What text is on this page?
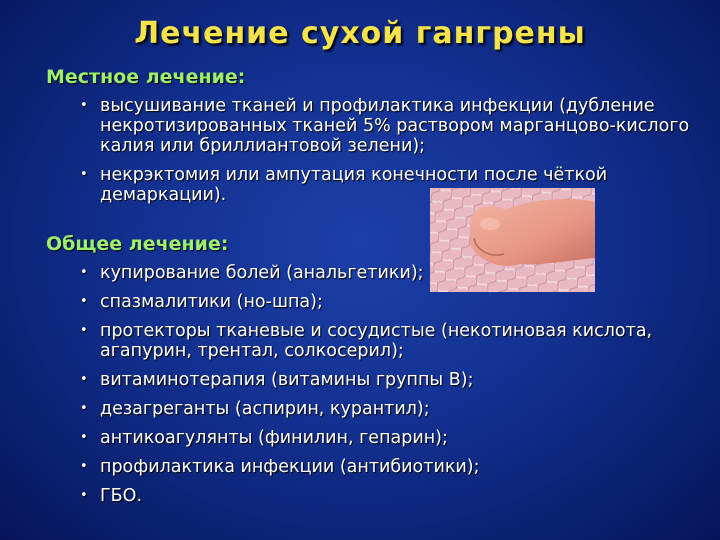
Лечение сухой гангрены
Местное лечение:
• высушивание тканей и профилактика инфекции (дубление некротизированных тканей 5% раствором марганцово-кислого калия или бриллиантовой зелени);
• некрэктомия или ампутация конечности после чёткой демаркации).
Общее лечение:
• купирование болей (анальгетики);
• спазмалитики (но-шпа);
• протекторы тканевые и сосудистые (некотиновая кислота, агапурин, трентал, солкосерил);
• витаминотерапия (витамины группы В);
• дезагреганты (аспирин, курантил);
• антикоагулянты (финилин, гепарин);
• профилактика инфекции (антибиотики);
• ГБО.
